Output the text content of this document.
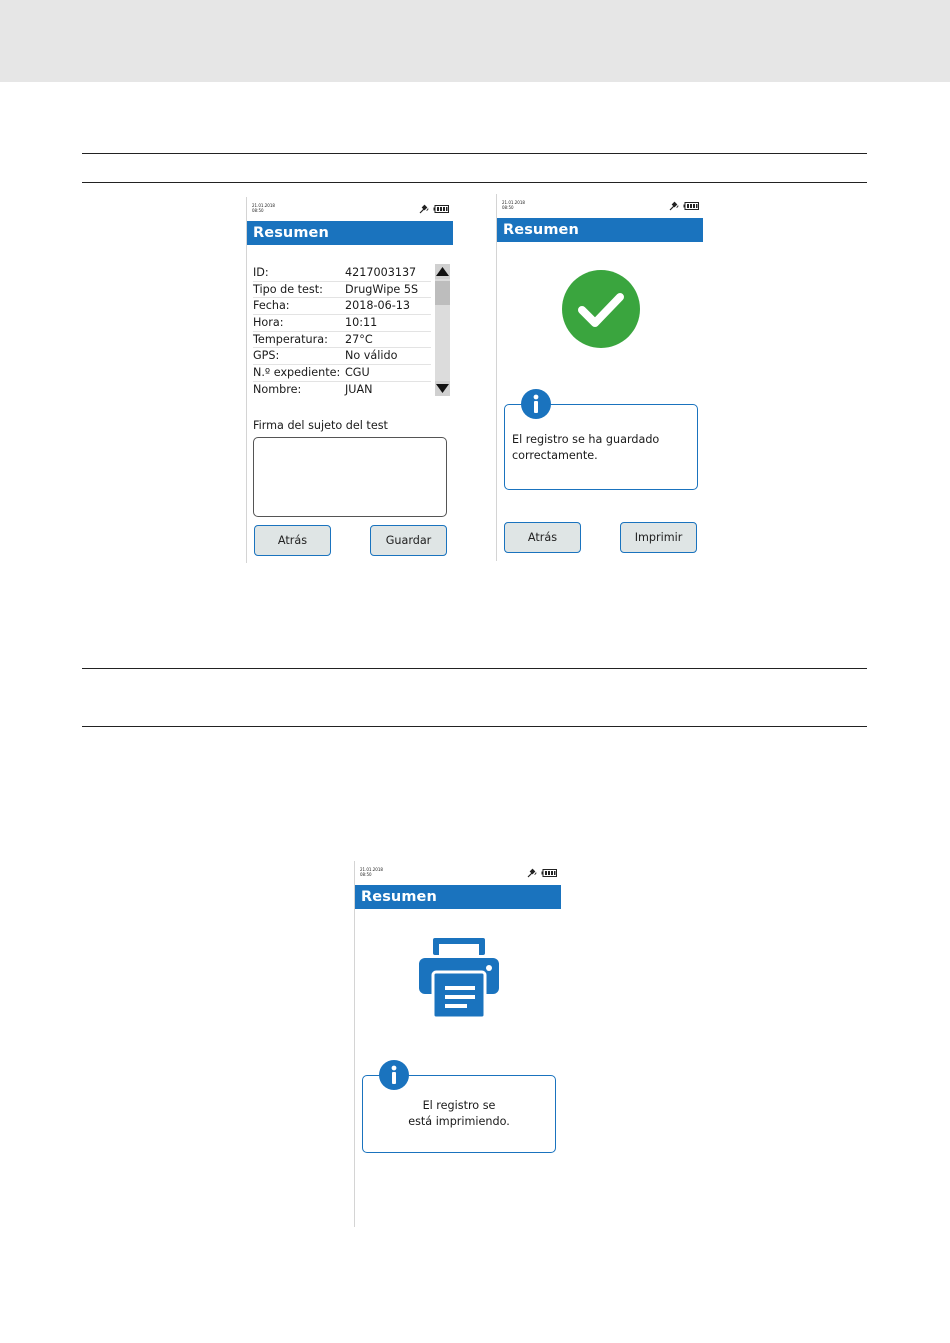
21.01.2018
08:50
Resumen
ID:	4217003137
Tipo de test: DrugWipe 5S
Fecha:	2018-06-13
Hora:	10:11
Temperatura: 27°C
GPS:	No válido
N.º expediente: CGU
Nombre:	JUAN
Firma del sujeto del test
Atrás	Guardar
21.01.2018
08:50
Resumen
El registro se ha guardado correctamente.
Atrás	Imprimir
21.01.2018
08:50
Resumen
El registro se
está imprimiendo.
